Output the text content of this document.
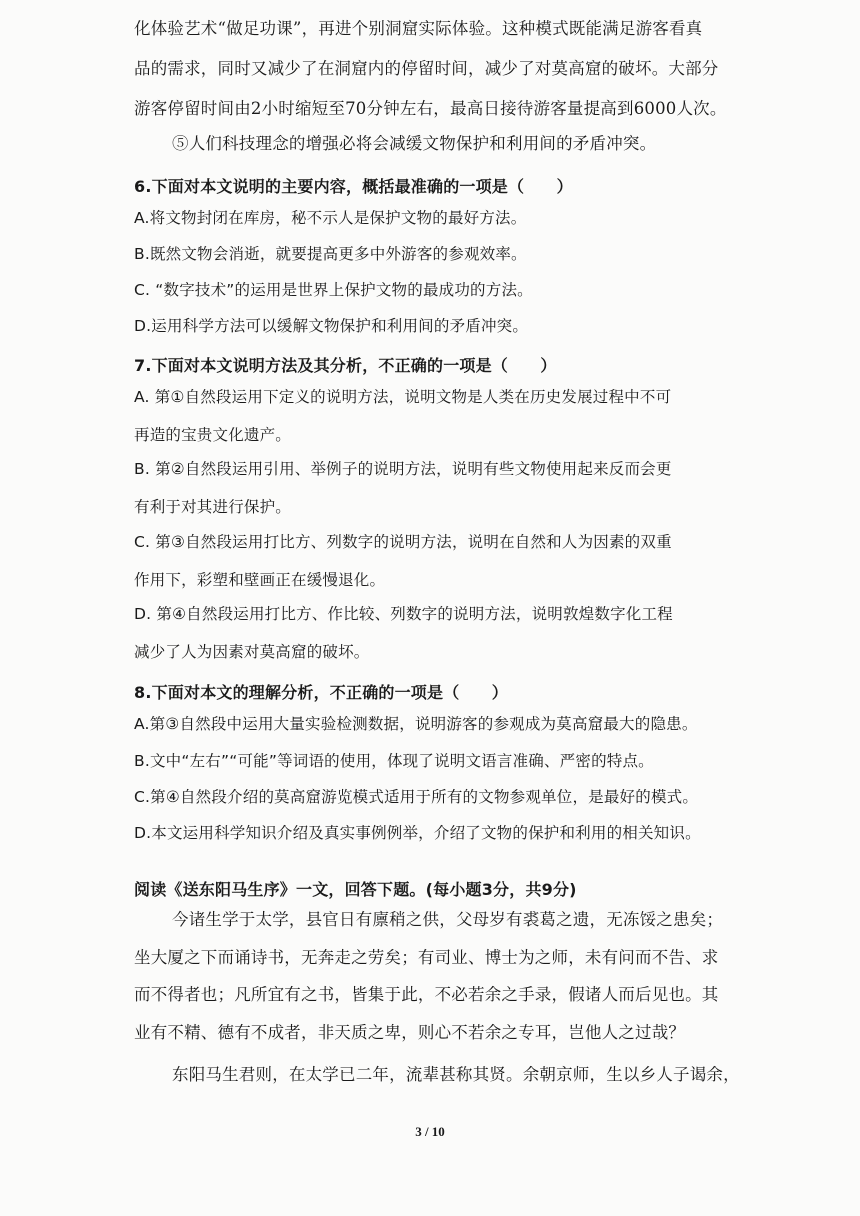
化体验艺术“做足功课”，再进个别洞窟实际体验。这种模式既能满足游客看真
品的需求，同时又减少了在洞窟内的停留时间，减少了对莫高窟的破坏。大部分
游客停留时间由2小时缩短至70分钟左右，最高日接待游客量提高到6000人次。
⑤人们科技理念的增强必将会减缓文物保护和利用间的矛盾冲突。
6.下面对本文说明的主要内容，概括最准确的一项是（　　）
A.将文物封闭在库房，秘不示人是保护文物的最好方法。
B.既然文物会消逝，就要提高更多中外游客的参观效率。
C. “数字技术”的运用是世界上保护文物的最成功的方法。
D.运用科学方法可以缓解文物保护和利用间的矛盾冲突。
7.下面对本文说明方法及其分析，不正确的一项是（　　）
A. 第①自然段运用下定义的说明方法，说明文物是人类在历史发展过程中不可
再造的宝贵文化遗产。
B. 第②自然段运用引用、举例子的说明方法，说明有些文物使用起来反而会更
有利于对其进行保护。
C. 第③自然段运用打比方、列数字的说明方法，说明在自然和人为因素的双重
作用下，彩塑和壁画正在缓慢退化。
D. 第④自然段运用打比方、作比较、列数字的说明方法，说明敦煌数字化工程
减少了人为因素对莫高窟的破坏。
8.下面对本文的理解分析，不正确的一项是（　　）
A.第③自然段中运用大量实验检测数据，说明游客的参观成为莫高窟最大的隐患。
B.文中“左右”“可能”等词语的使用，体现了说明文语言准确、严密的特点。
C.第④自然段介绍的莫高窟游览模式适用于所有的文物参观单位，是最好的模式。
D.本文运用科学知识介绍及真实事例例举，介绍了文物的保护和利用的相关知识。
阅读《送东阳马生序》一文，回答下题。(每小题3分，共9分)
今诸生学于太学，县官日有廪稍之供，父母岁有裘葛之遗，无冻馁之患矣；
坐大厦之下而诵诗书，无奔走之劳矣；有司业、博士为之师，未有问而不告、求
而不得者也；凡所宜有之书，皆集于此，不必若余之手录，假诸人而后见也。其
业有不精、德有不成者，非天质之卑，则心不若余之专耳，岂他人之过哉？
东阳马生君则，在太学已二年，流辈甚称其贤。余朝京师，生以乡人子谒余，
3 / 10
